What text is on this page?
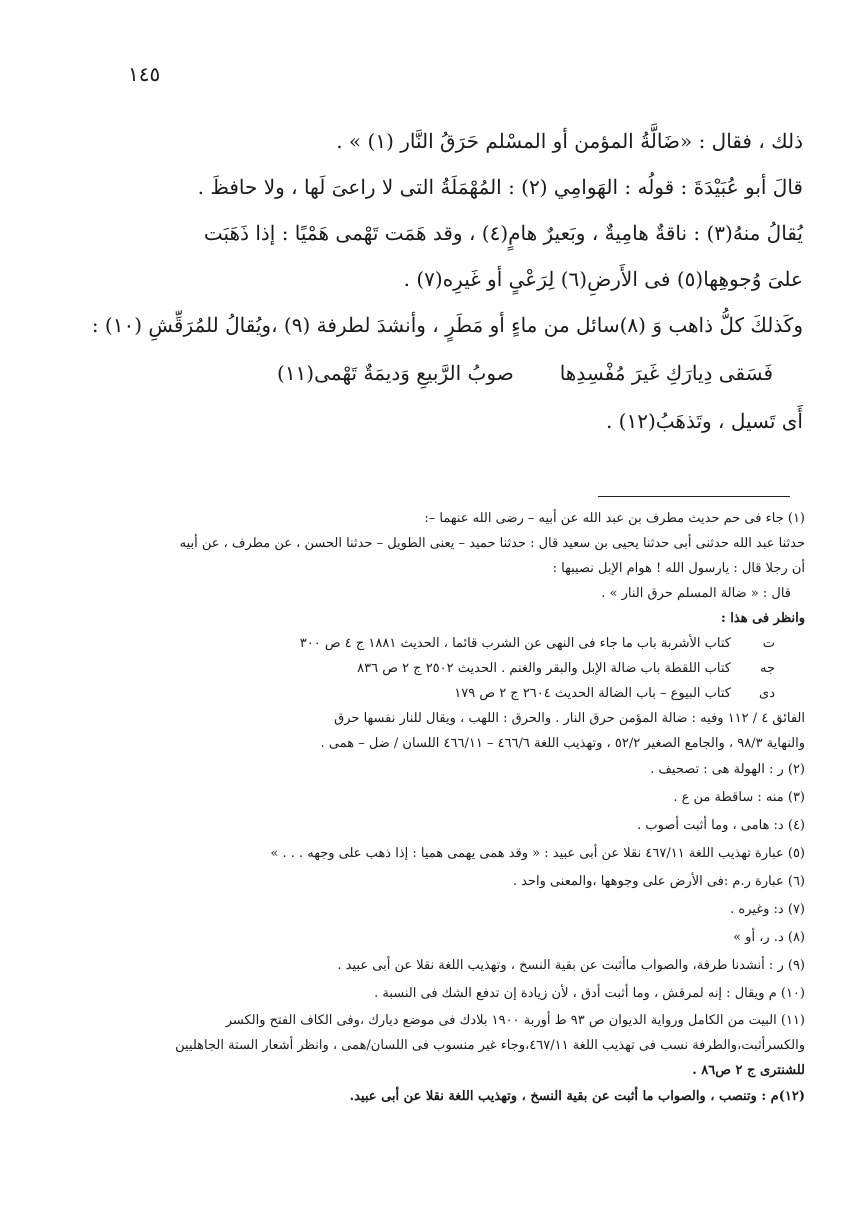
١٤٥
ذلك ، فقال : «ضَالَّةُ المؤمن أو المسْلم حَرَقُ النَّار (١) » .
قالَ أبو عُبَيْدَةَ : قولُه : الهَوامِي (٢) : المُهْمَلَةُ التى لا راعىَ لَها ، ولا حافظَ .
يُقالُ منهُ(٣) : ناقةٌ هامِيةٌ ، وبَعيرٌ هامٍ(٤) ، وقد هَمَت تَهْمى هَمْيًا : إذا ذَهَبَت
علىَ وُجوهِها(٥) فى الأَرضِ(٦) لِرَعْىٍ أو غَيرِه(٧) .
وكَذلكَ كلُّ ذاهب وَ (٨)سائل من ماءٍ أو مَطَرٍ ، وأنشدَ لطرفة (٩) ،ويُقالُ للمُرَقِّشِ (١٠) :
فَسَقى دِيارَكِ غَيرَ مُفْسِدِها
صوبُ الرَّبيعِ وَديمَةٌ تَهْمى(١١)
أَى تَسيل ، وتَذهَبُ(١٢) .
(١) جاء فى حم حديث مطرف بن عبد الله عن أبيه – رضى الله عنهما –:
حدثنا عبد الله حدثنى أبى حدثنا يحيى بن سعيد قال : حدثنا حميد – يعنى الطويل – حدثنا الحسن ، عن مطرف ، عن أبيه
أن رجلا قال : يارسول الله ! هوام الإبل نصيبها :
قال : « ضالة المسلم حرق النار » .
وانظر فى هذا :
ت
كتاب الأشربة باب ما جاء فى النهى عن الشرب قائما ، الحديث ١٨٨١ ج ٤ ص ٣٠٠
جه
كتاب اللقطة باب ضالة الإبل والبقر والغنم . الحديث ٢٥٠٢ ج ٢ ص ٨٣٦
دى
كتاب البيوع – باب الضالة الحديث ٢٦٠٤ ج ٢ ص ١٧٩
الفائق ٤ / ١١٢ وفيه : ضالة المؤمن حرق النار . والحرق : اللهب ، ويقال للنار نفسها حرق
والنهاية ٩٨/٣ ، والجامع الصغير ٥٢/٢ ، وتهذيب اللغة ٤٦٦/٦ – ٤٦٦/١١ اللسان / ضل – همى .
(٢) ر : الهولة هى : تصحيف .
(٣) منه : ساقطة من ع .
(٤) د: هامى ، وما أثبت أصوب .
(٥) عبارة تهذيب اللغة ٤٦٧/١١ نقلا عن أبى عبيد : « وقد همى يهمى هميا : إذا ذهب على وجهه . . . »
(٦) عبارة ر.م :فى الأرض على وجوهها ،والمعنى واحد .
(٧) د: وغيره .
(٨) د. ر، أو »
(٩) ر : أنشدنا طرفة، والصواب ماأثبت عن بقية النسخ ، وتهذيب اللغة نقلا عن أبى عبيد .
(١٠) م ويقال : إنه لمرقش ، وما أثبت أدق ، لأن زيادة إن تدفع الشك فى النسبة .
(١١) البيت من الكامل ورواية الديوان ص ٩٣ ط أوربة ١٩٠٠ بلادك فى موضع ديارك ،وفى الكاف الفتح والكسر
والكسرأثبت،والطرفة نسب فى تهذيب اللغة ٤٦٧/١١،وجاء غير منسوب فى اللسان/همى ، وانظر أشعار الستة الجاهليين
للشنترى ج ٢ ص٨٦ .
(١٢)م : وتنصب ، والصواب ما أثبت عن بقية النسخ ، وتهذيب اللغة نقلا عن أبى عبيد.
